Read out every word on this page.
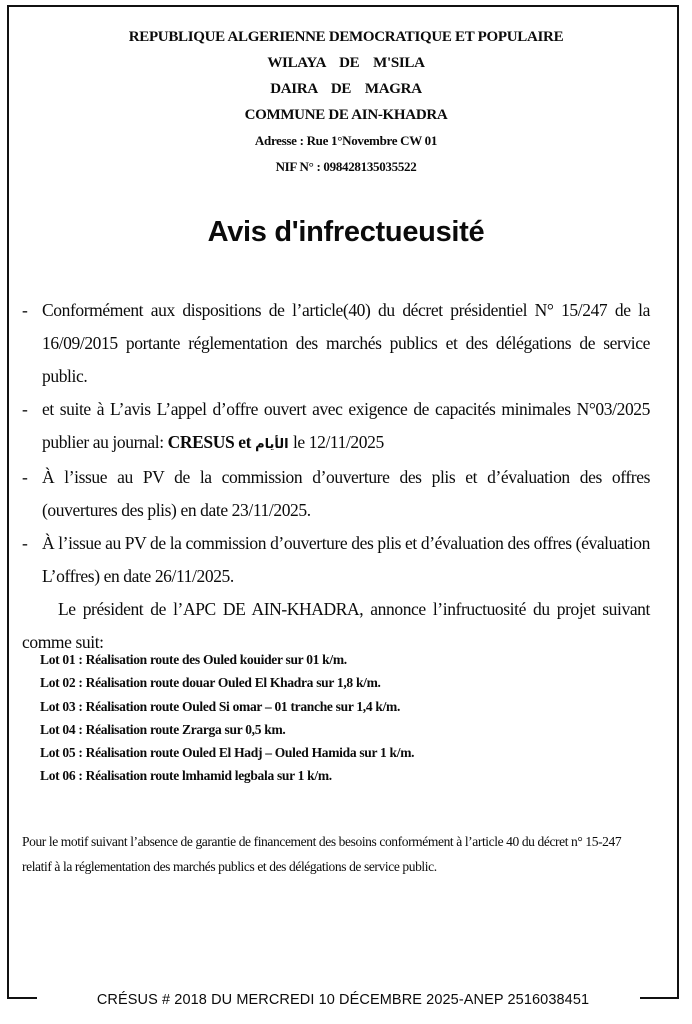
REPUBLIQUE ALGERIENNE DEMOCRATIQUE ET POPULAIRE
WILAYA    DE    M'SILA
DAIRA    DE    MAGRA
COMMUNE DE AIN-KHADRA
Adresse : Rue 1°Novembre CW 01
NIF N° : 098428135035522
Avis d'infrectueusité

- Conformément aux dispositions de l’article(40) du décret présidentiel N° 15/247 de la 16/09/2015 portante réglementation des marchés publics et des délégations de service public.

- et suite à L’avis L’appel d’offre ouvert avec exigence de capacités minimales N°03/2025 publier au journal: CRESUS et الأيام le 12/11/2025

- À l’issue au PV de la commission d’ouverture des plis et d’évaluation des offres (ouvertures des plis) en date 23/11/2025.

- À l’issue au PV de la commission d’ouverture des plis et d’évaluation des offres (évaluation L’offres) en date 26/11/2025.

Le président de l’APC DE AIN-KHADRA, annonce l’infructuosité du projet suivant comme suit:

Lot 01 : Réalisation route des Ouled kouider sur 01 k/m.
Lot 02 : Réalisation route douar Ouled El Khadra sur 1,8 k/m.
Lot 03 : Réalisation route Ouled Si omar – 01 tranche sur 1,4 k/m.
Lot 04 : Réalisation route Zrarga sur 0,5 km.
Lot 05 : Réalisation route Ouled El Hadj – Ouled Hamida sur 1 k/m.
Lot 06 : Réalisation route lmhamid legbala sur 1 k/m.
Pour le motif suivant l’absence de garantie de financement des besoins conformément à l’article 40 du décret n° 15-247 relatif à la réglementation des marchés publics et des délégations de service public.
CRÉSUS # 2018 DU MERCREDI 10 DÉCEMBRE 2025-ANEP 2516038451
